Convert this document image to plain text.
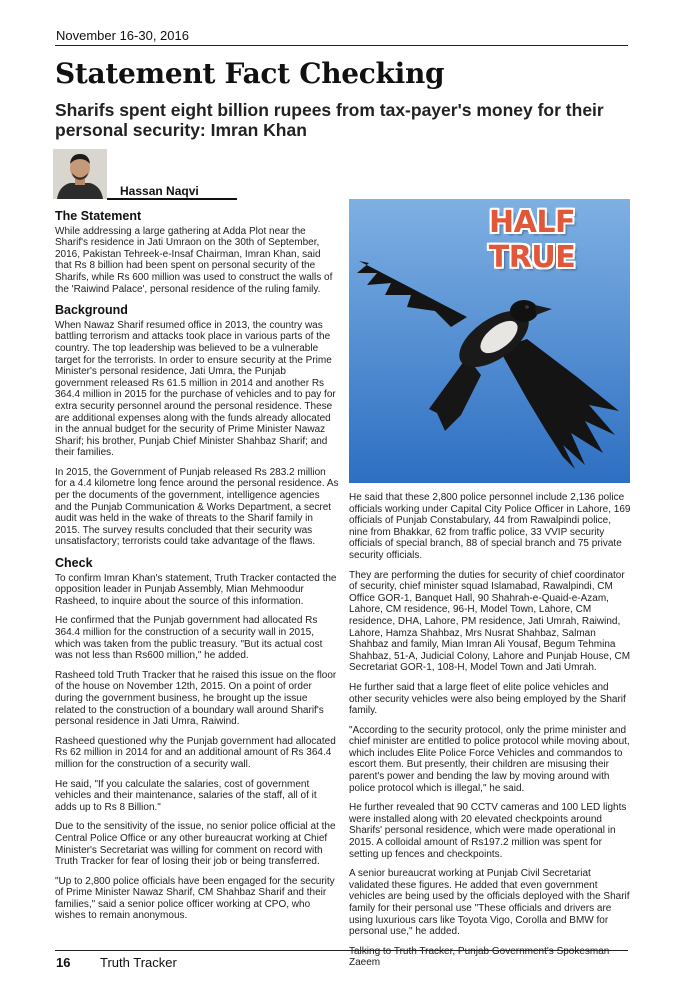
November 16-30, 2016
Statement Fact Checking
Sharifs spent eight billion rupees from tax-payer's money for their personal security: Imran Khan
Hassan Naqvi
The Statement

While addressing a large gathering at Adda Plot near the Sharif's residence in Jati Umraon on the 30th of September, 2016, Pakistan Tehreek-e-Insaf Chairman, Imran Khan, said that Rs 8 billion had been spent on personal security of the Sharifs, while Rs 600 million was used to construct the walls of the 'Raiwind Palace', personal residence of the ruling family.

Background

When Nawaz Sharif resumed office in 2013, the country was battling terrorism and attacks took place in various parts of the country. The top leadership was believed to be a vulnerable target for the terrorists. In order to ensure security at the Prime Minister's personal residence, Jati Umra, the Punjab government released Rs 61.5 million in 2014 and another Rs 364.4 million in 2015 for the purchase of vehicles and to pay for extra security personnel around the personal residence. These are additional expenses along with the funds already allocated in the annual budget for the security of Prime Minister Nawaz Sharif; his brother, Punjab Chief Minister Shahbaz Sharif; and their families.

In 2015, the Government of Punjab released Rs 283.2 million for a 4.4 kilometre long fence around the personal residence. As per the documents of the government, intelligence agencies and the Punjab Communication & Works Department, a secret audit was held in the wake of threats to the Sharif family in 2015. The survey results concluded that their security was unsatisfactory; terrorists could take advantage of the flaws.

Check

To confirm Imran Khan's statement, Truth Tracker contacted the opposition leader in Punjab Assembly, Mian Mehmoodur Rasheed, to inquire about the source of this information.

He confirmed that the Punjab government had allocated Rs 364.4 million for the construction of a security wall in 2015, which was taken from the public treasury. "But its actual cost was not less than Rs600 million," he added.

Rasheed told Truth Tracker that he raised this issue on the floor of the house on November 12th, 2015. On a point of order during the government business, he brought up the issue related to the construction of a boundary wall around Sharif's personal residence in Jati Umra, Raiwind.

Rasheed questioned why the Punjab government had allocated Rs 62 million in 2014 for and an additional amount of Rs 364.4 million for the construction of a security wall.

He said, "If you calculate the salaries, cost of government vehicles and their maintenance, salaries of the staff, all of it adds up to Rs 8 Billion."

Due to the sensitivity of the issue, no senior police official at the Central Police Office or any other bureaucrat working at Chief Minister's Secretariat was willing for comment on record with Truth Tracker for fear of losing their job or being transferred.

"Up to 2,800 police officials have been engaged for the security of Prime Minister Nawaz Sharif, CM Shahbaz Sharif and their families," said a senior police officer working at CPO, who wishes to remain anonymous.

HALF TRUE

He said that these 2,800 police personnel include 2,136 police officials working under Capital City Police Officer in Lahore, 169 officials of Punjab Constabulary, 44 from Rawalpindi police, nine from Bhakkar, 62 from traffic police, 33 VVIP security officials of special branch, 88 of special branch and 75 private security officials.

They are performing the duties for security of chief coordinator of security, chief minister squad Islamabad, Rawalpindi, CM Office GOR-1, Banquet Hall, 90 Shahrah-e-Quaid-e-Azam, Lahore, CM residence, 96-H, Model Town, Lahore, CM residence, DHA, Lahore, PM residence, Jati Umrah, Raiwind, Lahore, Hamza Shahbaz, Mrs Nusrat Shahbaz, Salman Shahbaz and family, Mian Imran Ali Yousaf, Begum Tehmina Shahbaz, 51-A, Judicial Colony, Lahore and Punjab House, CM Secretariat GOR-1, 108-H, Model Town and Jati Umrah.

He further said that a large fleet of elite police vehicles and other security vehicles were also being employed by the Sharif family.

"According to the security protocol, only the prime minister and chief minister are entitled to police protocol while moving about, which includes Elite Police Force Vehicles and commandos to escort them. But presently, their children are misusing their parent's power and bending the law by moving around with police protocol which is illegal," he said.

He further revealed that 90 CCTV cameras and 100 LED lights were installed along with 20 elevated checkpoints around Sharifs' personal residence, which were made operational in 2015. A colloidal amount of Rs197.2 million was spent for setting up fences and checkpoints.

A senior bureaucrat working at Punjab Civil Secretariat validated these figures. He added that even government vehicles are being used by the officials deployed with the Sharif family for their personal use "These officials and drivers are using luxurious cars like Toyota Vigo, Corolla and BMW for personal use," he added.

Talking to Truth Tracker, Punjab Government's Spokesman Zaeem

16 Truth Tracker
